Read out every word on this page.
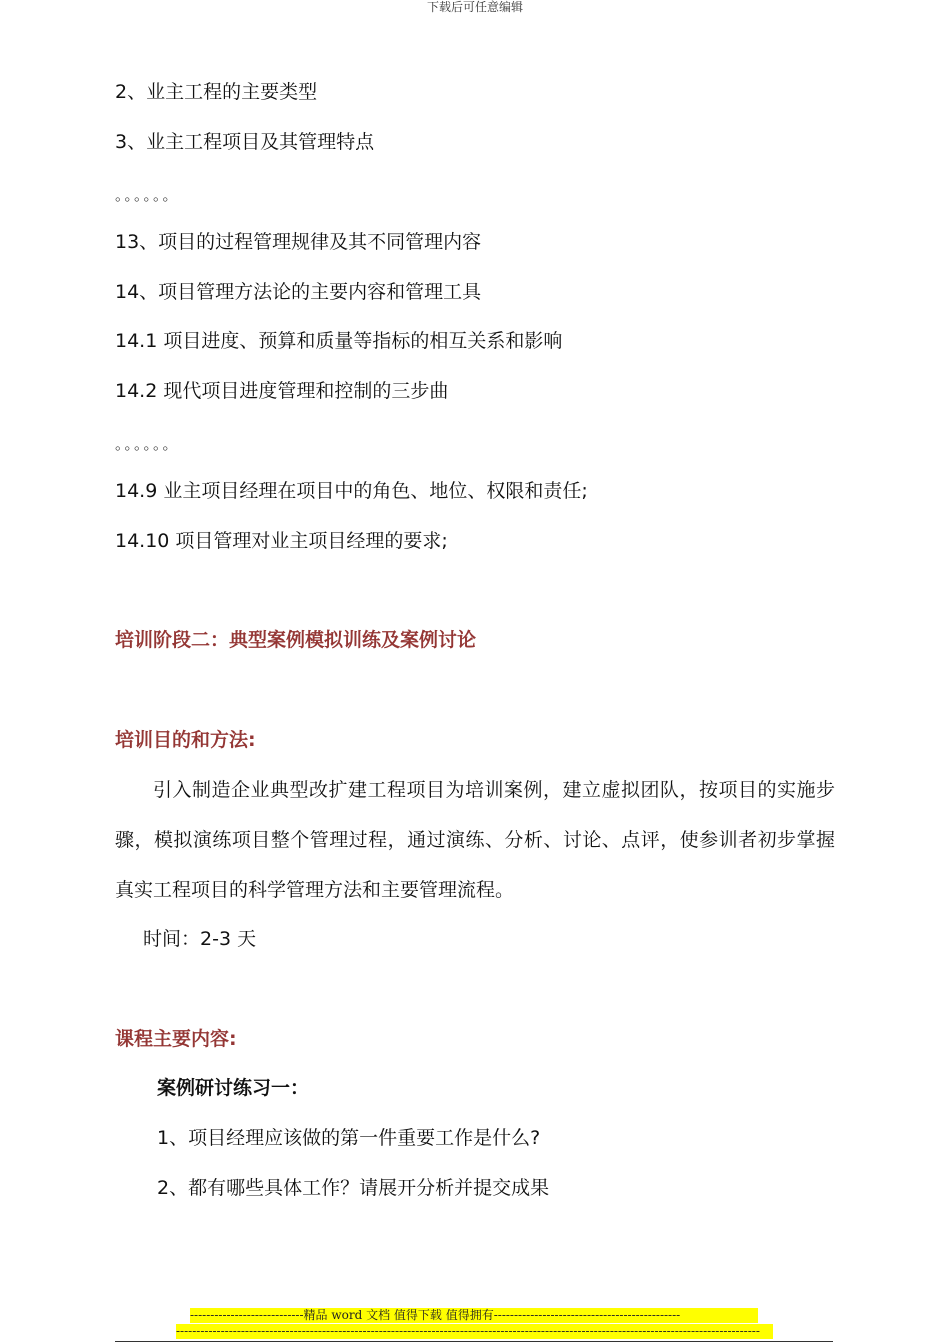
下载后可任意编辑
2、业主工程的主要类型
3、业主工程项目及其管理特点
。。。。。。
13、项目的过程管理规律及其不同管理内容
14、项目管理方法论的主要内容和管理工具
14.1 项目进度、预算和质量等指标的相互关系和影响
14.2 现代项目进度管理和控制的三步曲
。。。。。。
14.9 业主项目经理在项目中的角色、地位、权限和责任;
14.10 项目管理对业主项目经理的要求;
培训阶段二：典型案例模拟训练及案例讨论
培训目的和方法:
引入制造企业典型改扩建工程项目为培训案例，建立虚拟团队，按项目的实施步骤，模拟演练项目整个管理过程，通过演练、分析、讨论、点评，使参训者初步掌握真实工程项目的科学管理方法和主要管理流程。
时间：2-3 天
课程主要内容:
案例研讨练习一：
1、项目经理应该做的第一件重要工作是什么?
2、都有哪些具体工作？请展开分析并提交成果
----------------------------精品 word 文档 值得下载 值得拥有----------------------------------------------
------------------------------------------------------------------------------------------------------------------------------------------------
